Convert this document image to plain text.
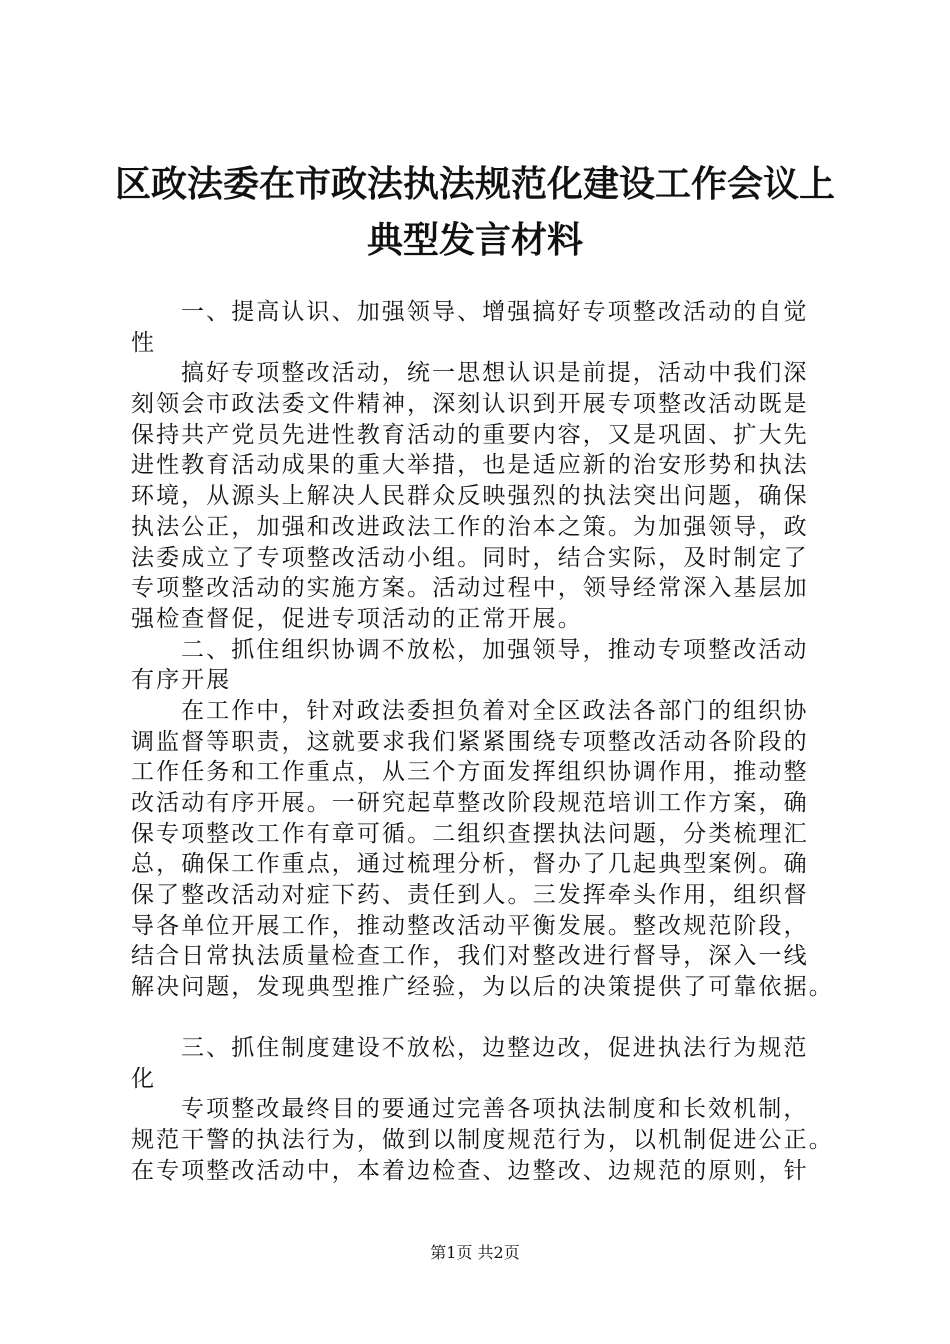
区政法委在市政法执法规范化建设工作会议上
典型发言材料
一、提高认识、加强领导、增强搞好专项整改活动的自觉
性
搞好专项整改活动，统一思想认识是前提，活动中我们深
刻领会市政法委文件精神，深刻认识到开展专项整改活动既是
保持共产党员先进性教育活动的重要内容，又是巩固、扩大先
进性教育活动成果的重大举措，也是适应新的治安形势和执法
环境，从源头上解决人民群众反映强烈的执法突出问题，确保
执法公正，加强和改进政法工作的治本之策。为加强领导，政
法委成立了专项整改活动小组。同时，结合实际，及时制定了
专项整改活动的实施方案。活动过程中，领导经常深入基层加
强检查督促，促进专项活动的正常开展。
二、抓住组织协调不放松，加强领导，推动专项整改活动
有序开展
在工作中，针对政法委担负着对全区政法各部门的组织协
调监督等职责，这就要求我们紧紧围绕专项整改活动各阶段的
工作任务和工作重点，从三个方面发挥组织协调作用，推动整
改活动有序开展。一研究起草整改阶段规范培训工作方案，确
保专项整改工作有章可循。二组织查摆执法问题，分类梳理汇
总，确保工作重点，通过梳理分析，督办了几起典型案例。确
保了整改活动对症下药、责任到人。三发挥牵头作用，组织督
导各单位开展工作，推动整改活动平衡发展。整改规范阶段，
结合日常执法质量检查工作，我们对整改进行督导，深入一线
解决问题，发现典型推广经验，为以后的决策提供了可靠依据。
三、抓住制度建设不放松，边整边改，促进执法行为规范
化
专项整改最终目的要通过完善各项执法制度和长效机制，
规范干警的执法行为，做到以制度规范行为，以机制促进公正。
在专项整改活动中，本着边检查、边整改、边规范的原则，针
第1页 共2页
